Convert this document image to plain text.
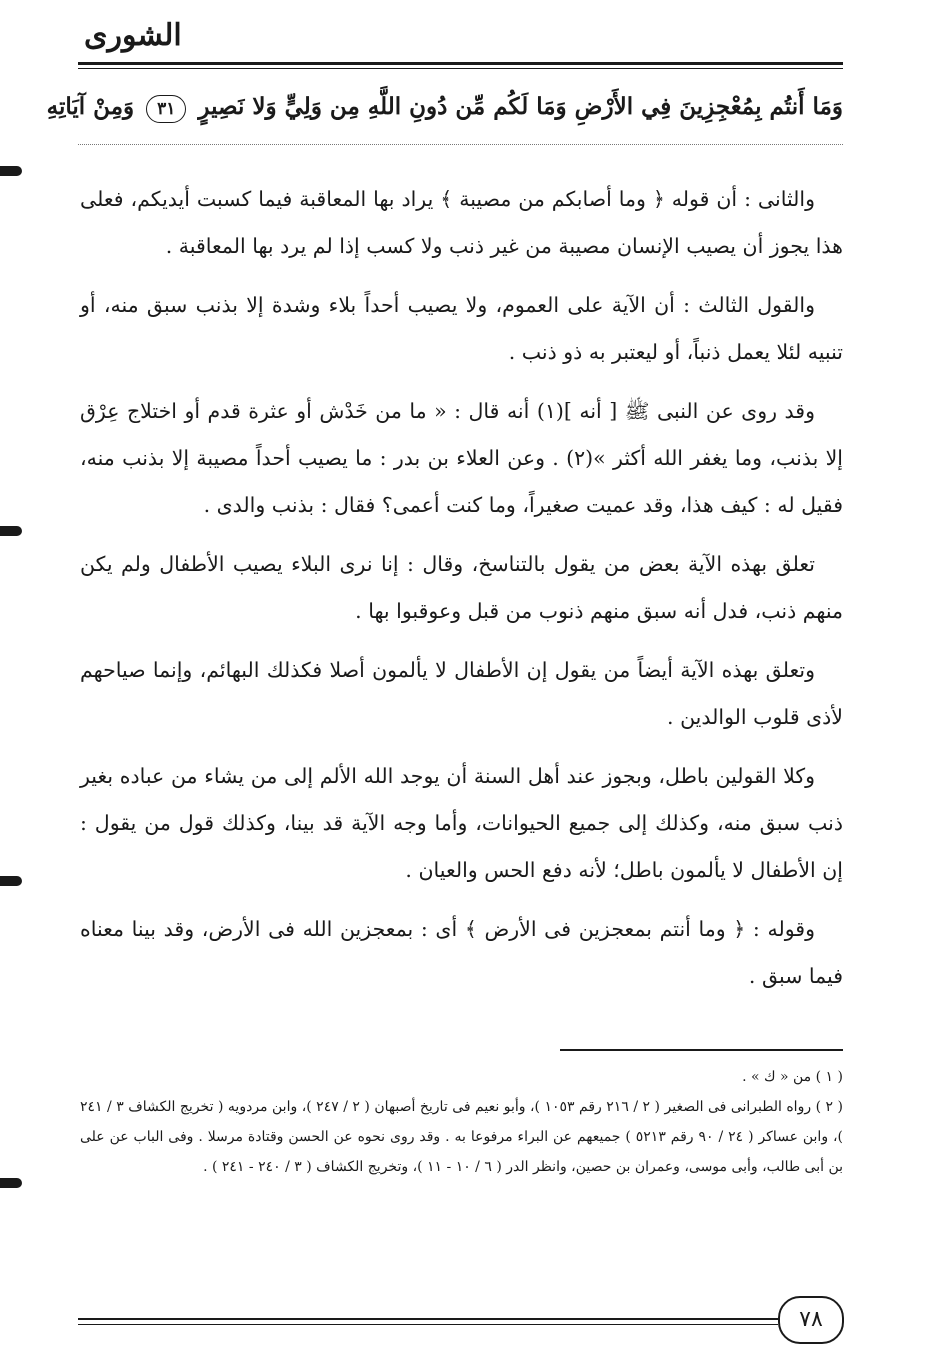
الشورى
وَمَا أَنتُم بِمُعْجِزِينَ فِي الأَرْضِ وَمَا لَكُم مِّن دُونِ اللَّهِ مِن وَلِيٍّ وَلا نَصِيرٍ ٣١ وَمِنْ آيَاتِهِ

والثانى : أن قوله ﴿ وما أصابكم من مصيبة ﴾ يراد بها المعاقبة فيما كسبت أيديكم، فعلى هذا يجوز أن يصيب الإنسان مصيبة من غير ذنب ولا كسب إذا لم يرد بها المعاقبة .

والقول الثالث : أن الآية على العموم، ولا يصيب أحداً بلاء وشدة إلا بذنب سبق منه، أو تنبيه لئلا يعمل ذنباً، أو ليعتبر به ذو ذنب .

وقد روى عن النبى ﷺ [ أنه ](١) أنه قال : « ما من خَدْش أو عثرة قدم أو اختلاج عِرْق إلا بذنب، وما يغفر الله أكثر »(٢) . وعن العلاء بن بدر : ما يصيب أحداً مصيبة إلا بذنب منه، فقيل له : كيف هذا، وقد عميت صغيراً، وما كنت أعمى؟ فقال : بذنب والدى .

تعلق بهذه الآية بعض من يقول بالتناسخ، وقال : إنا نرى البلاء يصيب الأطفال ولم يكن منهم ذنب، فدل أنه سبق منهم ذنوب من قبل وعوقبوا بها .

وتعلق بهذه الآية أيضاً من يقول إن الأطفال لا يألمون أصلا فكذلك البهائم، وإنما صياحهم لأذى قلوب الوالدين .

وكلا القولين باطل، وبجوز عند أهل السنة أن يوجد الله الألم إلى من يشاء من عباده بغير ذنب سبق منه، وكذلك إلى جميع الحيوانات، وأما وجه الآية قد بينا، وكذلك قول من يقول : إن الأطفال لا يألمون باطل؛ لأنه دفع الحس والعيان .

وقوله : ﴿ وما أنتم بمعجزين فى الأرض ﴾ أى : بمعجزين الله فى الأرض، وقد بينا معناه فيما سبق .

( ١ ) من « ك » .

( ٢ ) رواه الطبرانى فى الصغير ( ٢ / ٢١٦ رقم ١٠٥٣ )، وأبو نعيم فى تاريخ أصبهان ( ٢ / ٢٤٧ )، وابن مردويه ( تخريج الكشاف ٣ / ٢٤١ )، وابن عساكر ( ٢٤ / ٩٠ رقم ٥٢١٣ ) جميعهم عن البراء مرفوعا به . وقد روى نحوه عن الحسن وقتادة مرسلا . وفى الباب عن على بن أبى طالب، وأبى موسى، وعمران بن حصين، وانظر الدر ( ٦ / ١٠ - ١١ )، وتخريج الكشاف ( ٣ / ٢٤٠ - ٢٤١ ) .

٧٨
